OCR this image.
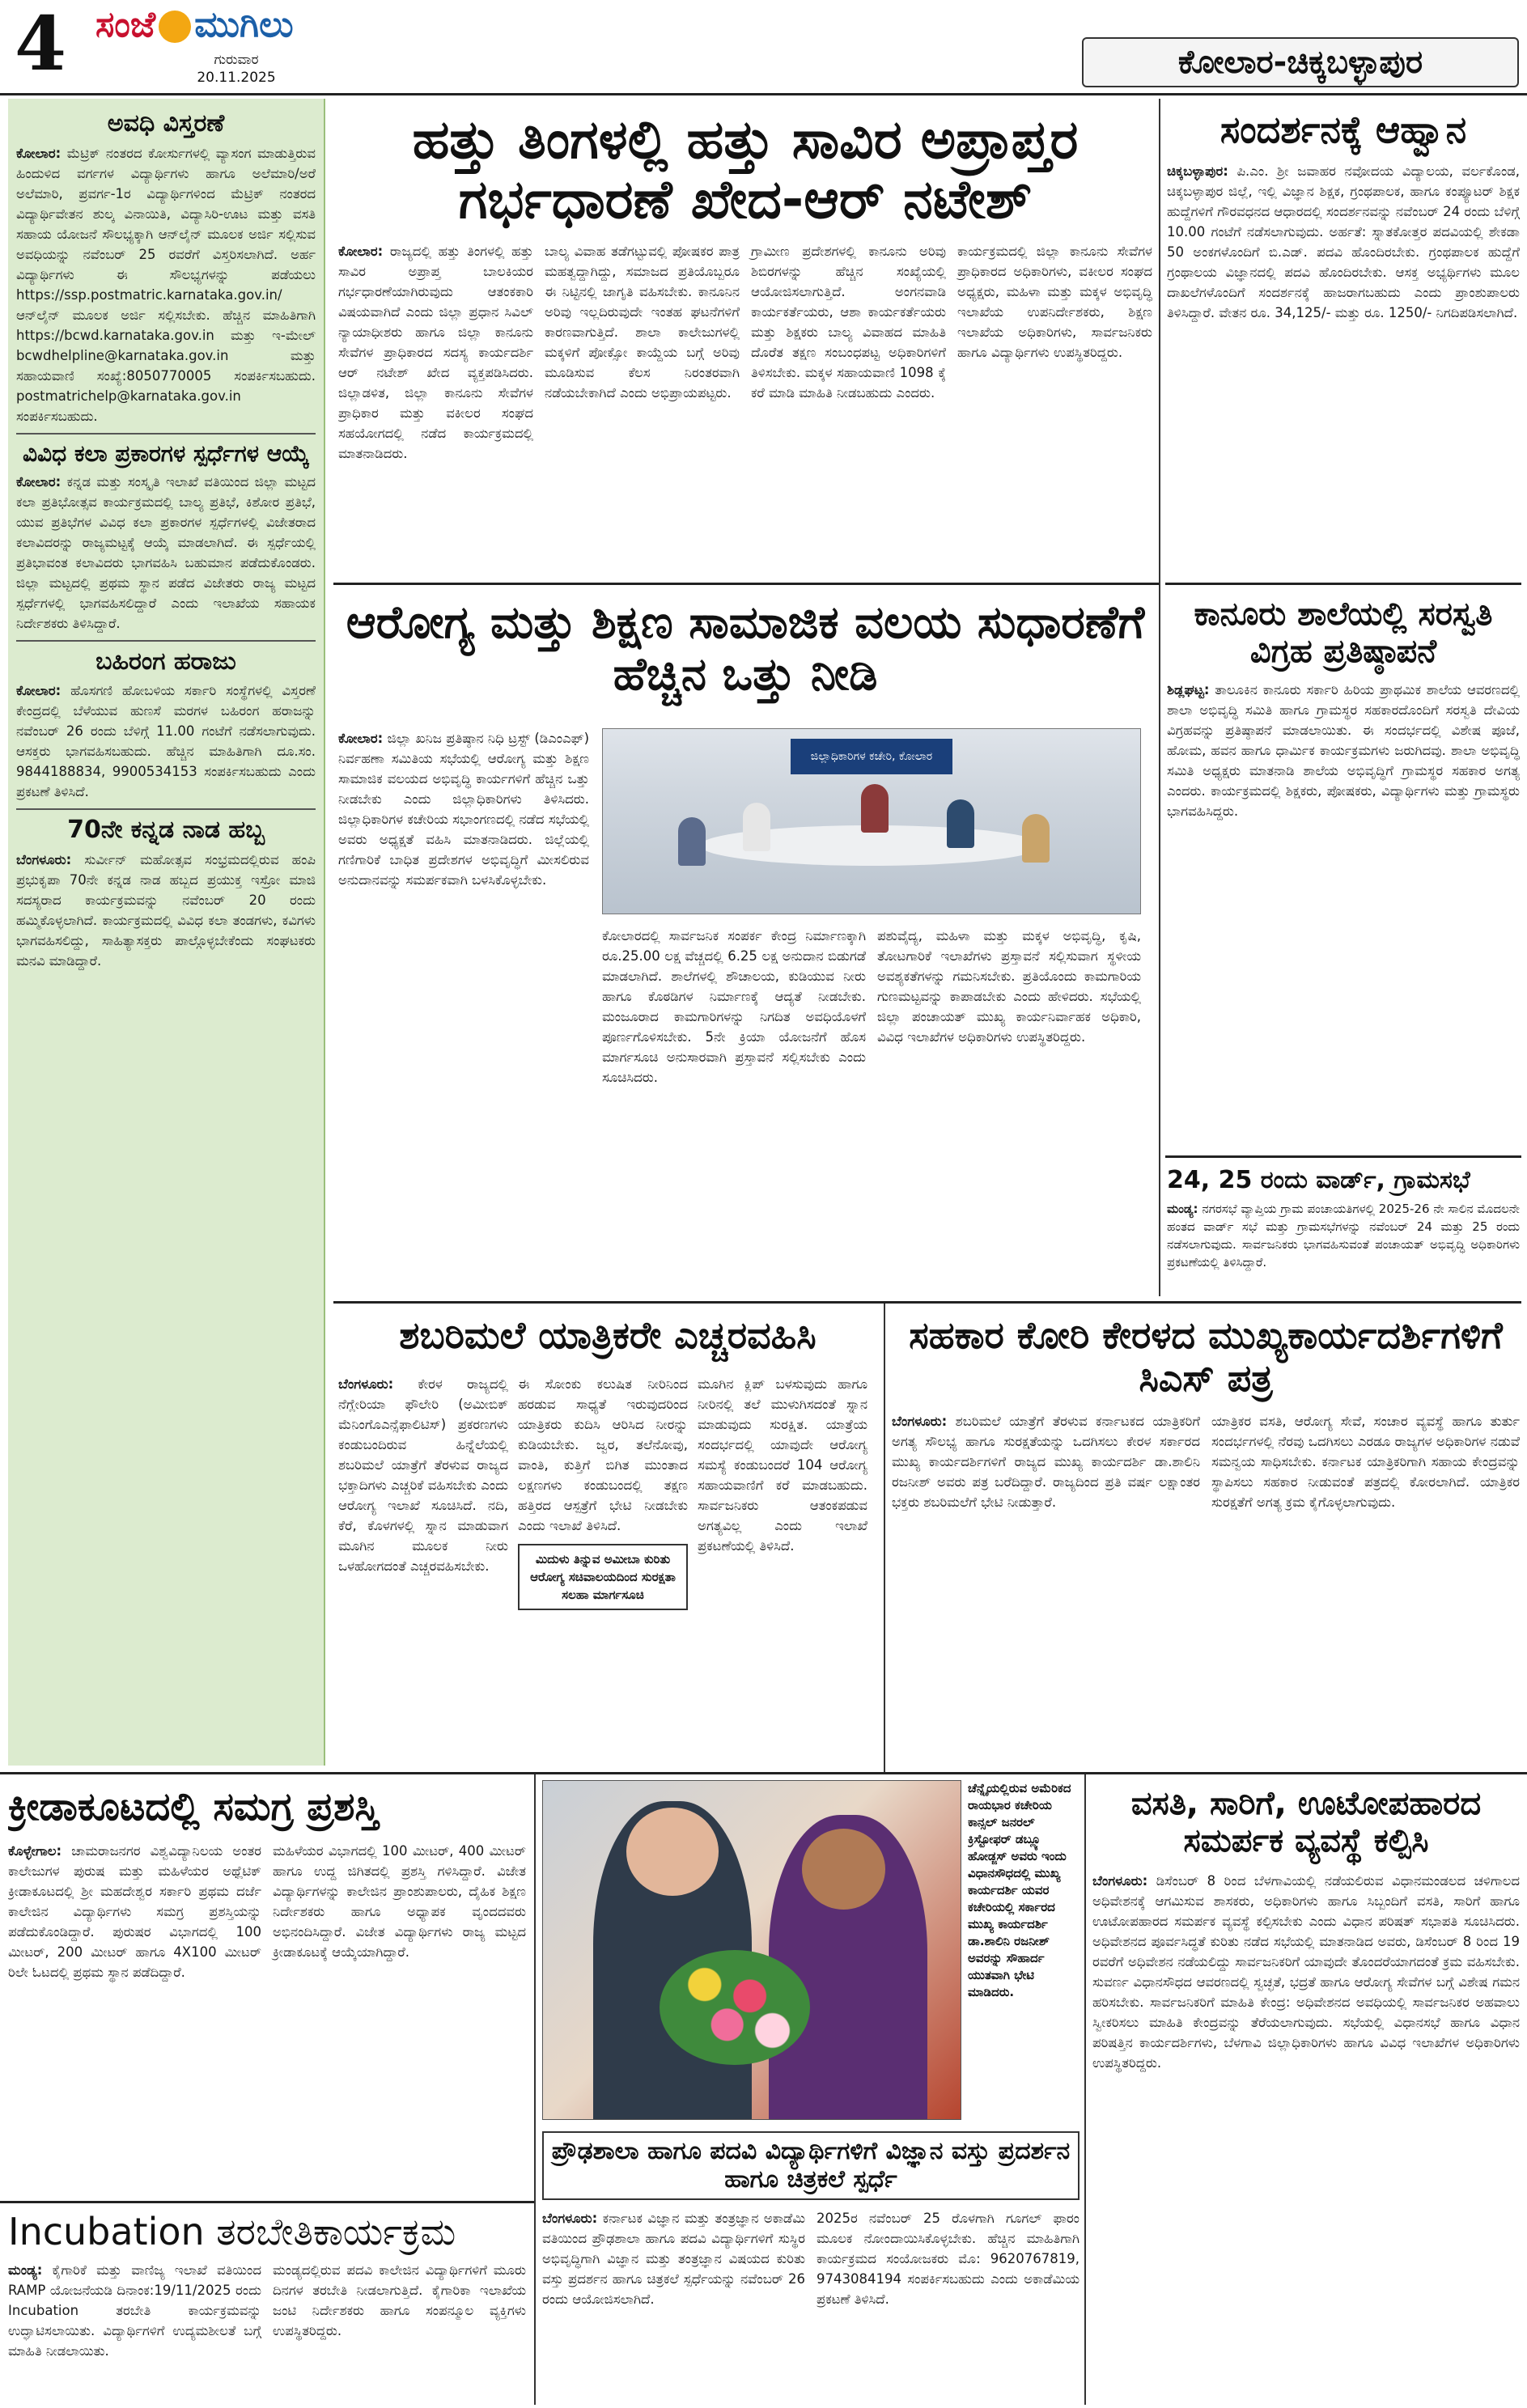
4 ಸಂಜೆ ಮುಗಿಲು
ಗುರುವಾರ
20.11.2025	ಕೋಲಾರ-ಚಿಕ್ಕಬಳ್ಳಾಪುರ
ಅವಧಿ ವಿಸ್ತರಣೆ
ಕೋಲಾರ: ಮೆಟ್ರಿಕ್ ನಂತರದ ಕೋರ್ಸುಗಳಲ್ಲಿ ವ್ಯಾಸಂಗ ಮಾಡುತ್ತಿರುವ ಹಿಂದುಳಿದ ವರ್ಗಗಳ ವಿದ್ಯಾರ್ಥಿಗಳು ಹಾಗೂ ಅಲೆಮಾರಿ/ಅರೆ ಅಲೆಮಾರಿ, ಪ್ರವರ್ಗ-1ರ ವಿದ್ಯಾರ್ಥಿಗಳಿಂದ ಮೆಟ್ರಿಕ್ ನಂತರದ ವಿದ್ಯಾರ್ಥಿವೇತನ ಶುಲ್ಕ ವಿನಾಯಿತಿ, ವಿದ್ಯಾಸಿರಿ-ಊಟ ಮತ್ತು ವಸತಿ ಸಹಾಯ ಯೋಜನೆ ಸೌಲಭ್ಯಕ್ಕಾಗಿ ಆನ್‌ಲೈನ್ ಮೂಲಕ ಅರ್ಜಿ ಸಲ್ಲಿಸುವ ಅವಧಿಯನ್ನು ನವೆಂಬರ್ 25 ರವರೆಗೆ ವಿಸ್ತರಿಸಲಾಗಿದೆ. ಅರ್ಹ ವಿದ್ಯಾರ್ಥಿಗಳು ಈ ಸೌಲಭ್ಯಗಳನ್ನು ಪಡೆಯಲು https://ssp.postmatric.karnataka.gov.in/ ಆನ್‌ಲೈನ್ ಮೂಲಕ ಅರ್ಜಿ ಸಲ್ಲಿಸಬೇಕು. ಹೆಚ್ಚಿನ ಮಾಹಿತಿಗಾಗಿ https://bcwd.karnataka.gov.in ಮತ್ತು ಇ-ಮೇಲ್ bcwdhelpline@karnataka.gov.in ಮತ್ತು ಸಹಾಯವಾಣಿ ಸಂಖ್ಯೆ:8050770005 ಸಂಪರ್ಕಿಸಬಹುದು. postmatrichelp@karnataka.gov.in ಸಂಪರ್ಕಿಸಬಹುದು.
ವಿವಿಧ ಕಲಾ ಪ್ರಕಾರಗಳ ಸ್ಪರ್ಧೆಗಳ ಆಯ್ಕೆ
ಕೋಲಾರ: ಕನ್ನಡ ಮತ್ತು ಸಂಸ್ಕೃತಿ ಇಲಾಖೆ ವತಿಯಿಂದ ಜಿಲ್ಲಾ ಮಟ್ಟದ ಕಲಾ ಪ್ರತಿಭೋತ್ಸವ ಕಾರ್ಯಕ್ರಮದಲ್ಲಿ ಬಾಲ್ಯ ಪ್ರತಿಭೆ, ಕಿಶೋರ ಪ್ರತಿಭೆ, ಯುವ ಪ್ರತಿಭೆಗಳ ವಿವಿಧ ಕಲಾ ಪ್ರಕಾರಗಳ ಸ್ಪರ್ಧೆಗಳಲ್ಲಿ ವಿಜೇತರಾದ ಕಲಾವಿದರನ್ನು ರಾಜ್ಯಮಟ್ಟಕ್ಕೆ ಆಯ್ಕೆ ಮಾಡಲಾಗಿದೆ. ಈ ಸ್ಪರ್ಧೆಯಲ್ಲಿ ಪ್ರತಿಭಾವಂತ ಕಲಾವಿದರು ಭಾಗವಹಿಸಿ ಬಹುಮಾನ ಪಡೆದುಕೊಂಡರು. ಜಿಲ್ಲಾ ಮಟ್ಟದಲ್ಲಿ ಪ್ರಥಮ ಸ್ಥಾನ ಪಡೆದ ವಿಜೇತರು ರಾಜ್ಯ ಮಟ್ಟದ ಸ್ಪರ್ಧೆಗಳಲ್ಲಿ ಭಾಗವಹಿಸಲಿದ್ದಾರೆ ಎಂದು ಇಲಾಖೆಯ ಸಹಾಯಕ ನಿರ್ದೇಶಕರು ತಿಳಿಸಿದ್ದಾರೆ.
ಬಹಿರಂಗ ಹರಾಜು
ಕೋಲಾರ: ಹೊಸಗಣಿ ಹೋಬಳಿಯ ಸರ್ಕಾರಿ ಸಂಸ್ಥೆಗಳಲ್ಲಿ ವಿಸ್ತರಣೆ ಕೇಂದ್ರದಲ್ಲಿ ಬೆಳೆಯುವ ಹುಣಸೆ ಮರಗಳ ಬಹಿರಂಗ ಹರಾಜನ್ನು ನವೆಂಬರ್ 26 ರಂದು ಬೆಳಿಗ್ಗೆ 11.00 ಗಂಟೆಗೆ ನಡೆಸಲಾಗುವುದು. ಆಸಕ್ತರು ಭಾಗವಹಿಸಬಹುದು. ಹೆಚ್ಚಿನ ಮಾಹಿತಿಗಾಗಿ ದೂ.ಸಂ. 9844188834, 9900534153 ಸಂಪರ್ಕಿಸಬಹುದು ಎಂದು ಪ್ರಕಟಣೆ ತಿಳಿಸಿದೆ.
70ನೇ ಕನ್ನಡ ನಾಡ ಹಬ್ಬ
ಬೆಂಗಳೂರು: ಸುರ್ವೀನ್ ಮಹೋತ್ಸವ ಸಂಭ್ರಮದಲ್ಲಿರುವ ಹಂಪಿ ಪ್ರಭುಕೃಪಾ 70ನೇ ಕನ್ನಡ ನಾಡ ಹಬ್ಬದ ಪ್ರಯುಕ್ತ ಇಸ್ರೋ ಮಾಜಿ ಸದಸ್ಯರಾದ ಕಾರ್ಯಕ್ರಮವನ್ನು ನವೆಂಬರ್ 20 ರಂದು ಹಮ್ಮಿಕೊಳ್ಳಲಾಗಿದೆ. ಕಾರ್ಯಕ್ರಮದಲ್ಲಿ ವಿವಿಧ ಕಲಾ ತಂಡಗಳು, ಕವಿಗಳು ಭಾಗವಹಿಸಲಿದ್ದು, ಸಾಹಿತ್ಯಾಸಕ್ತರು ಪಾಲ್ಗೊಳ್ಳಬೇಕೆಂದು ಸಂಘಟಕರು ಮನವಿ ಮಾಡಿದ್ದಾರೆ.
ಹತ್ತು ತಿಂಗಳಲ್ಲಿ ಹತ್ತು ಸಾವಿರ ಅಪ್ರಾಪ್ತರ ಗರ್ಭಧಾರಣೆ ಖೇದ-ಆರ್ ನಟೇಶ್
ಕೋಲಾರ: ರಾಜ್ಯದಲ್ಲಿ ಹತ್ತು ತಿಂಗಳಲ್ಲಿ ಹತ್ತು ಸಾವಿರ ಅಪ್ರಾಪ್ತ ಬಾಲಕಿಯರ ಗರ್ಭಧಾರಣೆಯಾಗಿರುವುದು ಆತಂಕಕಾರಿ ವಿಷಯವಾಗಿದೆ ಎಂದು ಜಿಲ್ಲಾ ಪ್ರಧಾನ ಸಿವಿಲ್ ನ್ಯಾಯಾಧೀಶರು ಹಾಗೂ ಜಿಲ್ಲಾ ಕಾನೂನು ಸೇವೆಗಳ ಪ್ರಾಧಿಕಾರದ ಸದಸ್ಯ ಕಾರ್ಯದರ್ಶಿ ಆರ್ ನಟೇಶ್ ಖೇದ ವ್ಯಕ್ತಪಡಿಸಿದರು. ಜಿಲ್ಲಾಡಳಿತ, ಜಿಲ್ಲಾ ಕಾನೂನು ಸೇವೆಗಳ ಪ್ರಾಧಿಕಾರ ಮತ್ತು ವಕೀಲರ ಸಂಘದ ಸಹಯೋಗದಲ್ಲಿ ನಡೆದ ಕಾರ್ಯಕ್ರಮದಲ್ಲಿ ಮಾತನಾಡಿದರು.
ಬಾಲ್ಯ ವಿವಾಹ ತಡೆಗಟ್ಟುವಲ್ಲಿ ಪೋಷಕರ ಪಾತ್ರ ಮಹತ್ವದ್ದಾಗಿದ್ದು, ಸಮಾಜದ ಪ್ರತಿಯೊಬ್ಬರೂ ಈ ನಿಟ್ಟಿನಲ್ಲಿ ಜಾಗೃತಿ ವಹಿಸಬೇಕು. ಕಾನೂನಿನ ಅರಿವು ಇಲ್ಲದಿರುವುದೇ ಇಂತಹ ಘಟನೆಗಳಿಗೆ ಕಾರಣವಾಗುತ್ತಿದೆ. ಶಾಲಾ ಕಾಲೇಜುಗಳಲ್ಲಿ ಮಕ್ಕಳಿಗೆ ಪೋಕ್ಸೋ ಕಾಯ್ದೆಯ ಬಗ್ಗೆ ಅರಿವು ಮೂಡಿಸುವ ಕೆಲಸ ನಿರಂತರವಾಗಿ ನಡೆಯಬೇಕಾಗಿದೆ ಎಂದು ಅಭಿಪ್ರಾಯಪಟ್ಟರು.
ಗ್ರಾಮೀಣ ಪ್ರದೇಶಗಳಲ್ಲಿ ಕಾನೂನು ಅರಿವು ಶಿಬಿರಗಳನ್ನು ಹೆಚ್ಚಿನ ಸಂಖ್ಯೆಯಲ್ಲಿ ಆಯೋಜಿಸಲಾಗುತ್ತಿದೆ. ಅಂಗನವಾಡಿ ಕಾರ್ಯಕರ್ತೆಯರು, ಆಶಾ ಕಾರ್ಯಕರ್ತೆಯರು ಮತ್ತು ಶಿಕ್ಷಕರು ಬಾಲ್ಯ ವಿವಾಹದ ಮಾಹಿತಿ ದೊರೆತ ತಕ್ಷಣ ಸಂಬಂಧಪಟ್ಟ ಅಧಿಕಾರಿಗಳಿಗೆ ತಿಳಿಸಬೇಕು. ಮಕ್ಕಳ ಸಹಾಯವಾಣಿ 1098 ಕ್ಕೆ ಕರೆ ಮಾಡಿ ಮಾಹಿತಿ ನೀಡಬಹುದು ಎಂದರು.
ಕಾರ್ಯಕ್ರಮದಲ್ಲಿ ಜಿಲ್ಲಾ ಕಾನೂನು ಸೇವೆಗಳ ಪ್ರಾಧಿಕಾರದ ಅಧಿಕಾರಿಗಳು, ವಕೀಲರ ಸಂಘದ ಅಧ್ಯಕ್ಷರು, ಮಹಿಳಾ ಮತ್ತು ಮಕ್ಕಳ ಅಭಿವೃದ್ಧಿ ಇಲಾಖೆಯ ಉಪನಿರ್ದೇಶಕರು, ಶಿಕ್ಷಣ ಇಲಾಖೆಯ ಅಧಿಕಾರಿಗಳು, ಸಾರ್ವಜನಿಕರು ಹಾಗೂ ವಿದ್ಯಾರ್ಥಿಗಳು ಉಪಸ್ಥಿತರಿದ್ದರು.
ಸಂದರ್ಶನಕ್ಕೆ ಆಹ್ವಾನ
ಚಿಕ್ಕಬಳ್ಳಾಪುರ: ಪಿ.ಎಂ. ಶ್ರೀ ಜವಾಹರ ನವೋದಯ ವಿದ್ಯಾಲಯ, ವರ್ಲಕೊಂಡ, ಚಿಕ್ಕಬಳ್ಳಾಪುರ ಜಿಲ್ಲೆ, ಇಲ್ಲಿ ವಿಜ್ಞಾನ ಶಿಕ್ಷಕ, ಗ್ರಂಥಪಾಲಕ, ಹಾಗೂ ಕಂಪ್ಯೂಟರ್ ಶಿಕ್ಷಕ ಹುದ್ದೆಗಳಿಗೆ ಗೌರವಧನದ ಆಧಾರದಲ್ಲಿ ಸಂದರ್ಶನವನ್ನು ನವೆಂಬರ್ 24 ರಂದು ಬೆಳಿಗ್ಗೆ 10.00 ಗಂಟೆಗೆ ನಡೆಸಲಾಗುವುದು. ಅರ್ಹತೆ: ಸ್ನಾತಕೋತ್ತರ ಪದವಿಯಲ್ಲಿ ಶೇಕಡಾ 50 ಅಂಕಗಳೊಂದಿಗೆ ಬಿ.ಎಡ್. ಪದವಿ ಹೊಂದಿರಬೇಕು. ಗ್ರಂಥಪಾಲಕ ಹುದ್ದೆಗೆ ಗ್ರಂಥಾಲಯ ವಿಜ್ಞಾನದಲ್ಲಿ ಪದವಿ ಹೊಂದಿರಬೇಕು. ಆಸಕ್ತ ಅಭ್ಯರ್ಥಿಗಳು ಮೂಲ ದಾಖಲೆಗಳೊಂದಿಗೆ ಸಂದರ್ಶನಕ್ಕೆ ಹಾಜರಾಗಬಹುದು ಎಂದು ಪ್ರಾಂಶುಪಾಲರು ತಿಳಿಸಿದ್ದಾರೆ. ವೇತನ ರೂ. 34,125/- ಮತ್ತು ರೂ. 1250/- ನಿಗದಿಪಡಿಸಲಾಗಿದೆ.
ಆರೋಗ್ಯ ಮತ್ತು ಶಿಕ್ಷಣ ಸಾಮಾಜಿಕ ವಲಯ ಸುಧಾರಣೆಗೆ ಹೆಚ್ಚಿನ ಒತ್ತು ನೀಡಿ
ಕೋಲಾರ: ಜಿಲ್ಲಾ ಖನಿಜ ಪ್ರತಿಷ್ಠಾನ ನಿಧಿ ಟ್ರಸ್ಟ್ (ಡಿಎಂಎಫ್) ನಿರ್ವಹಣಾ ಸಮಿತಿಯ ಸಭೆಯಲ್ಲಿ ಆರೋಗ್ಯ ಮತ್ತು ಶಿಕ್ಷಣ ಸಾಮಾಜಿಕ ವಲಯದ ಅಭಿವೃದ್ಧಿ ಕಾರ್ಯಗಳಿಗೆ ಹೆಚ್ಚಿನ ಒತ್ತು ನೀಡಬೇಕು ಎಂದು ಜಿಲ್ಲಾಧಿಕಾರಿಗಳು ತಿಳಿಸಿದರು. ಜಿಲ್ಲಾಧಿಕಾರಿಗಳ ಕಚೇರಿಯ ಸಭಾಂಗಣದಲ್ಲಿ ನಡೆದ ಸಭೆಯಲ್ಲಿ ಅವರು ಅಧ್ಯಕ್ಷತೆ ವಹಿಸಿ ಮಾತನಾಡಿದರು. ಜಿಲ್ಲೆಯಲ್ಲಿ ಗಣಿಗಾರಿಕೆ ಬಾಧಿತ ಪ್ರದೇಶಗಳ ಅಭಿವೃದ್ಧಿಗೆ ಮೀಸಲಿರುವ ಅನುದಾನವನ್ನು ಸಮರ್ಪಕವಾಗಿ ಬಳಸಿಕೊಳ್ಳಬೇಕು.
ಜಿಲ್ಲಾಧಿಕಾರಿಗಳ ಕಚೇರಿ, ಕೋಲಾರ
ಕೋಲಾರದಲ್ಲಿ ಸಾರ್ವಜನಿಕ ಸಂಪರ್ಕ ಕೇಂದ್ರ ನಿರ್ಮಾಣಕ್ಕಾಗಿ ರೂ.25.00 ಲಕ್ಷ ವೆಚ್ಚದಲ್ಲಿ 6.25 ಲಕ್ಷ ಅನುದಾನ ಬಿಡುಗಡೆ ಮಾಡಲಾಗಿದೆ. ಶಾಲೆಗಳಲ್ಲಿ ಶೌಚಾಲಯ, ಕುಡಿಯುವ ನೀರು ಹಾಗೂ ಕೊಠಡಿಗಳ ನಿರ್ಮಾಣಕ್ಕೆ ಆದ್ಯತೆ ನೀಡಬೇಕು. ಮಂಜೂರಾದ ಕಾಮಗಾರಿಗಳನ್ನು ನಿಗದಿತ ಅವಧಿಯೊಳಗೆ ಪೂರ್ಣಗೊಳಿಸಬೇಕು. 5ನೇ ಕ್ರಿಯಾ ಯೋಜನೆಗೆ ಹೊಸ ಮಾರ್ಗಸೂಚಿ ಅನುಸಾರವಾಗಿ ಪ್ರಸ್ತಾವನೆ ಸಲ್ಲಿಸಬೇಕು ಎಂದು ಸೂಚಿಸಿದರು.
ಪಶುವೈದ್ಯ, ಮಹಿಳಾ ಮತ್ತು ಮಕ್ಕಳ ಅಭಿವೃದ್ಧಿ, ಕೃಷಿ, ತೋಟಗಾರಿಕೆ ಇಲಾಖೆಗಳು ಪ್ರಸ್ತಾವನೆ ಸಲ್ಲಿಸುವಾಗ ಸ್ಥಳೀಯ ಅವಶ್ಯಕತೆಗಳನ್ನು ಗಮನಿಸಬೇಕು. ಪ್ರತಿಯೊಂದು ಕಾಮಗಾರಿಯ ಗುಣಮಟ್ಟವನ್ನು ಕಾಪಾಡಬೇಕು ಎಂದು ಹೇಳಿದರು. ಸಭೆಯಲ್ಲಿ ಜಿಲ್ಲಾ ಪಂಚಾಯತ್ ಮುಖ್ಯ ಕಾರ್ಯನಿರ್ವಾಹಕ ಅಧಿಕಾರಿ, ವಿವಿಧ ಇಲಾಖೆಗಳ ಅಧಿಕಾರಿಗಳು ಉಪಸ್ಥಿತರಿದ್ದರು.
ಕಾನೂರು ಶಾಲೆಯಲ್ಲಿ ಸರಸ್ವತಿ ವಿಗ್ರಹ ಪ್ರತಿಷ್ಠಾಪನೆ
ಶಿಡ್ಲಘಟ್ಟ: ತಾಲೂಕಿನ ಕಾನೂರು ಸರ್ಕಾರಿ ಹಿರಿಯ ಪ್ರಾಥಮಿಕ ಶಾಲೆಯ ಆವರಣದಲ್ಲಿ ಶಾಲಾ ಅಭಿವೃದ್ಧಿ ಸಮಿತಿ ಹಾಗೂ ಗ್ರಾಮಸ್ಥರ ಸಹಕಾರದೊಂದಿಗೆ ಸರಸ್ವತಿ ದೇವಿಯ ವಿಗ್ರಹವನ್ನು ಪ್ರತಿಷ್ಠಾಪನೆ ಮಾಡಲಾಯಿತು. ಈ ಸಂದರ್ಭದಲ್ಲಿ ವಿಶೇಷ ಪೂಜೆ, ಹೋಮ, ಹವನ ಹಾಗೂ ಧಾರ್ಮಿಕ ಕಾರ್ಯಕ್ರಮಗಳು ಜರುಗಿದವು. ಶಾಲಾ ಅಭಿವೃದ್ಧಿ ಸಮಿತಿ ಅಧ್ಯಕ್ಷರು ಮಾತನಾಡಿ ಶಾಲೆಯ ಅಭಿವೃದ್ಧಿಗೆ ಗ್ರಾಮಸ್ಥರ ಸಹಕಾರ ಅಗತ್ಯ ಎಂದರು. ಕಾರ್ಯಕ್ರಮದಲ್ಲಿ ಶಿಕ್ಷಕರು, ಪೋಷಕರು, ವಿದ್ಯಾರ್ಥಿಗಳು ಮತ್ತು ಗ್ರಾಮಸ್ಥರು ಭಾಗವಹಿಸಿದ್ದರು.
24, 25 ರಂದು ವಾರ್ಡ್, ಗ್ರಾಮಸಭೆ
ಮಂಡ್ಯ: ನಗರಸಭೆ ವ್ಯಾಪ್ತಿಯ ಗ್ರಾಮ ಪಂಚಾಯತಿಗಳಲ್ಲಿ 2025-26 ನೇ ಸಾಲಿನ ಮೊದಲನೇ ಹಂತದ ವಾರ್ಡ್ ಸಭೆ ಮತ್ತು ಗ್ರಾಮಸಭೆಗಳನ್ನು ನವೆಂಬರ್ 24 ಮತ್ತು 25 ರಂದು ನಡೆಸಲಾಗುವುದು. ಸಾರ್ವಜನಿಕರು ಭಾಗವಹಿಸುವಂತೆ ಪಂಚಾಯತ್ ಅಭಿವೃದ್ಧಿ ಅಧಿಕಾರಿಗಳು ಪ್ರಕಟಣೆಯಲ್ಲಿ ತಿಳಿಸಿದ್ದಾರೆ.
ಶಬರಿಮಲೆ ಯಾತ್ರಿಕರೇ ಎಚ್ಚರವಹಿಸಿ
ಬೆಂಗಳೂರು: ಕೇರಳ ರಾಜ್ಯದಲ್ಲಿ ನೆಗ್ಲೇರಿಯಾ ಫೌಲೇರಿ (ಅಮೀಬಿಕ್ ಮೆನಿಂಗೊಎನ್ಸೆಫಾಲಿಟಿಸ್) ಪ್ರಕರಣಗಳು ಕಂಡುಬಂದಿರುವ ಹಿನ್ನೆಲೆಯಲ್ಲಿ ಶಬರಿಮಲೆ ಯಾತ್ರೆಗೆ ತೆರಳುವ ರಾಜ್ಯದ ಭಕ್ತಾದಿಗಳು ಎಚ್ಚರಿಕೆ ವಹಿಸಬೇಕು ಎಂದು ಆರೋಗ್ಯ ಇಲಾಖೆ ಸೂಚಿಸಿದೆ. ನದಿ, ಕೆರೆ, ಕೊಳಗಳಲ್ಲಿ ಸ್ನಾನ ಮಾಡುವಾಗ ಮೂಗಿನ ಮೂಲಕ ನೀರು ಒಳಹೋಗದಂತೆ ಎಚ್ಚರವಹಿಸಬೇಕು.
ಈ ಸೋಂಕು ಕಲುಷಿತ ನೀರಿನಿಂದ ಹರಡುವ ಸಾಧ್ಯತೆ ಇರುವುದರಿಂದ ಯಾತ್ರಿಕರು ಕುದಿಸಿ ಆರಿಸಿದ ನೀರನ್ನು ಕುಡಿಯಬೇಕು. ಜ್ವರ, ತಲೆನೋವು, ವಾಂತಿ, ಕುತ್ತಿಗೆ ಬಿಗಿತ ಮುಂತಾದ ಲಕ್ಷಣಗಳು ಕಂಡುಬಂದಲ್ಲಿ ತಕ್ಷಣ ಹತ್ತಿರದ ಆಸ್ಪತ್ರೆಗೆ ಭೇಟಿ ನೀಡಬೇಕು ಎಂದು ಇಲಾಖೆ ತಿಳಿಸಿದೆ.
ಮಿದುಳು ತಿನ್ನುವ ಅಮೀಬಾ ಕುರಿತು ಆರೋಗ್ಯ ಸಚಿವಾಲಯದಿಂದ ಸುರಕ್ಷತಾ ಸಲಹಾ ಮಾರ್ಗಸೂಚಿ
ಮೂಗಿನ ಕ್ಲಿಪ್ ಬಳಸುವುದು ಹಾಗೂ ನೀರಿನಲ್ಲಿ ತಲೆ ಮುಳುಗಿಸದಂತೆ ಸ್ನಾನ ಮಾಡುವುದು ಸುರಕ್ಷಿತ. ಯಾತ್ರೆಯ ಸಂದರ್ಭದಲ್ಲಿ ಯಾವುದೇ ಆರೋಗ್ಯ ಸಮಸ್ಯೆ ಕಂಡುಬಂದರೆ 104 ಆರೋಗ್ಯ ಸಹಾಯವಾಣಿಗೆ ಕರೆ ಮಾಡಬಹುದು. ಸಾರ್ವಜನಿಕರು ಆತಂಕಪಡುವ ಅಗತ್ಯವಿಲ್ಲ ಎಂದು ಇಲಾಖೆ ಪ್ರಕಟಣೆಯಲ್ಲಿ ತಿಳಿಸಿದೆ.
ಸಹಕಾರ ಕೋರಿ ಕೇರಳದ ಮುಖ್ಯಕಾರ್ಯದರ್ಶಿಗಳಿಗೆ ಸಿಎಸ್ ಪತ್ರ
ಬೆಂಗಳೂರು: ಶಬರಿಮಲೆ ಯಾತ್ರೆಗೆ ತೆರಳುವ ಕರ್ನಾಟಕದ ಯಾತ್ರಿಕರಿಗೆ ಅಗತ್ಯ ಸೌಲಭ್ಯ ಹಾಗೂ ಸುರಕ್ಷತೆಯನ್ನು ಒದಗಿಸಲು ಕೇರಳ ಸರ್ಕಾರದ ಮುಖ್ಯ ಕಾರ್ಯದರ್ಶಿಗಳಿಗೆ ರಾಜ್ಯದ ಮುಖ್ಯ ಕಾರ್ಯದರ್ಶಿ ಡಾ.ಶಾಲಿನಿ ರಜನೀಶ್ ಅವರು ಪತ್ರ ಬರೆದಿದ್ದಾರೆ. ರಾಜ್ಯದಿಂದ ಪ್ರತಿ ವರ್ಷ ಲಕ್ಷಾಂತರ ಭಕ್ತರು ಶಬರಿಮಲೆಗೆ ಭೇಟಿ ನೀಡುತ್ತಾರೆ.
ಯಾತ್ರಿಕರ ವಸತಿ, ಆರೋಗ್ಯ ಸೇವೆ, ಸಂಚಾರ ವ್ಯವಸ್ಥೆ ಹಾಗೂ ತುರ್ತು ಸಂದರ್ಭಗಳಲ್ಲಿ ನೆರವು ಒದಗಿಸಲು ಎರಡೂ ರಾಜ್ಯಗಳ ಅಧಿಕಾರಿಗಳ ನಡುವೆ ಸಮನ್ವಯ ಸಾಧಿಸಬೇಕು. ಕರ್ನಾಟಕ ಯಾತ್ರಿಕರಿಗಾಗಿ ಸಹಾಯ ಕೇಂದ್ರವನ್ನು ಸ್ಥಾಪಿಸಲು ಸಹಕಾರ ನೀಡುವಂತೆ ಪತ್ರದಲ್ಲಿ ಕೋರಲಾಗಿದೆ. ಯಾತ್ರಿಕರ ಸುರಕ್ಷತೆಗೆ ಅಗತ್ಯ ಕ್ರಮ ಕೈಗೊಳ್ಳಲಾಗುವುದು.
ಕ್ರೀಡಾಕೂಟದಲ್ಲಿ ಸಮಗ್ರ ಪ್ರಶಸ್ತಿ
ಕೊಳ್ಳೇಗಾಲ: ಚಾಮರಾಜನಗರ ವಿಶ್ವವಿದ್ಯಾನಿಲಯ ಅಂತರ ಕಾಲೇಜುಗಳ ಪುರುಷ ಮತ್ತು ಮಹಿಳೆಯರ ಅಥ್ಲೆಟಿಕ್ ಕ್ರೀಡಾಕೂಟದಲ್ಲಿ ಶ್ರೀ ಮಹದೇಶ್ವರ ಸರ್ಕಾರಿ ಪ್ರಥಮ ದರ್ಜೆ ಕಾಲೇಜಿನ ವಿದ್ಯಾರ್ಥಿಗಳು ಸಮಗ್ರ ಪ್ರಶಸ್ತಿಯನ್ನು ಪಡೆದುಕೊಂಡಿದ್ದಾರೆ. ಪುರುಷರ ವಿಭಾಗದಲ್ಲಿ 100 ಮೀಟರ್, 200 ಮೀಟರ್ ಹಾಗೂ 4X100 ಮೀಟರ್ ರಿಲೇ ಓಟದಲ್ಲಿ ಪ್ರಥಮ ಸ್ಥಾನ ಪಡೆದಿದ್ದಾರೆ.
ಮಹಿಳೆಯರ ವಿಭಾಗದಲ್ಲಿ 100 ಮೀಟರ್, 400 ಮೀಟರ್ ಹಾಗೂ ಉದ್ದ ಜಿಗಿತದಲ್ಲಿ ಪ್ರಶಸ್ತಿ ಗಳಿಸಿದ್ದಾರೆ. ವಿಜೇತ ವಿದ್ಯಾರ್ಥಿಗಳನ್ನು ಕಾಲೇಜಿನ ಪ್ರಾಂಶುಪಾಲರು, ದೈಹಿಕ ಶಿಕ್ಷಣ ನಿರ್ದೇಶಕರು ಹಾಗೂ ಅಧ್ಯಾಪಕ ವೃಂದದವರು ಅಭಿನಂದಿಸಿದ್ದಾರೆ. ವಿಜೇತ ವಿದ್ಯಾರ್ಥಿಗಳು ರಾಜ್ಯ ಮಟ್ಟದ ಕ್ರೀಡಾಕೂಟಕ್ಕೆ ಆಯ್ಕೆಯಾಗಿದ್ದಾರೆ.
Incubation ತರಬೇತಿಕಾರ್ಯಕ್ರಮ
ಮಂಡ್ಯ: ಕೈಗಾರಿಕೆ ಮತ್ತು ವಾಣಿಜ್ಯ ಇಲಾಖೆ ವತಿಯಿಂದ RAMP ಯೋಜನೆಯಡಿ ದಿನಾಂಕ:19/11/2025 ರಂದು Incubation ತರಬೇತಿ ಕಾರ್ಯಕ್ರಮವನ್ನು ಉದ್ಘಾಟಿಸಲಾಯಿತು. ವಿದ್ಯಾರ್ಥಿಗಳಿಗೆ ಉದ್ಯಮಶೀಲತೆ ಬಗ್ಗೆ ಮಾಹಿತಿ ನೀಡಲಾಯಿತು.
ಮಂಡ್ಯದಲ್ಲಿರುವ ಪದವಿ ಕಾಲೇಜಿನ ವಿದ್ಯಾರ್ಥಿಗಳಿಗೆ ಮೂರು ದಿನಗಳ ತರಬೇತಿ ನೀಡಲಾಗುತ್ತಿದೆ. ಕೈಗಾರಿಕಾ ಇಲಾಖೆಯ ಜಂಟಿ ನಿರ್ದೇಶಕರು ಹಾಗೂ ಸಂಪನ್ಮೂಲ ವ್ಯಕ್ತಿಗಳು ಉಪಸ್ಥಿತರಿದ್ದರು.
ಚೆನ್ನೈಯಲ್ಲಿರುವ ಅಮೆರಿಕದ ರಾಯಭಾರ ಕಚೇರಿಯ ಕಾನ್ಸಲ್ ಜನರಲ್ ಕ್ರಿಸ್ಟೋಫರ್ ಡಬ್ಲ್ಯೂ ಹೋಡ್ಜಸ್ ಅವರು ಇಂದು ವಿಧಾನಸೌಧದಲ್ಲಿ ಮುಖ್ಯ ಕಾರ್ಯದರ್ಶಿ ಯವರ ಕಚೇರಿಯಲ್ಲಿ ಸರ್ಕಾರದ ಮುಖ್ಯ ಕಾರ್ಯದರ್ಶಿ ಡಾ.ಶಾಲಿನಿ ರಜನೀಶ್ ಅವರನ್ನು ಸೌಹಾರ್ದ ಯುತವಾಗಿ ಭೇಟಿ ಮಾಡಿದರು.
ಪ್ರೌಢಶಾಲಾ ಹಾಗೂ ಪದವಿ ವಿದ್ಯಾರ್ಥಿಗಳಿಗೆ ವಿಜ್ಞಾನ ವಸ್ತು ಪ್ರದರ್ಶನ ಹಾಗೂ ಚಿತ್ರಕಲೆ ಸ್ಪರ್ಧೆ
ಬೆಂಗಳೂರು: ಕರ್ನಾಟಕ ವಿಜ್ಞಾನ ಮತ್ತು ತಂತ್ರಜ್ಞಾನ ಅಕಾಡೆಮಿ ವತಿಯಿಂದ ಪ್ರೌಢಶಾಲಾ ಹಾಗೂ ಪದವಿ ವಿದ್ಯಾರ್ಥಿಗಳಿಗೆ ಸುಸ್ಥಿರ ಅಭಿವೃದ್ಧಿಗಾಗಿ ವಿಜ್ಞಾನ ಮತ್ತು ತಂತ್ರಜ್ಞಾನ ವಿಷಯದ ಕುರಿತು ವಸ್ತು ಪ್ರದರ್ಶನ ಹಾಗೂ ಚಿತ್ರಕಲೆ ಸ್ಪರ್ಧೆಯನ್ನು ನವೆಂಬರ್ 26 ರಂದು ಆಯೋಜಿಸಲಾಗಿದೆ.
2025ರ ನವೆಂಬರ್ 25 ರೊಳಗಾಗಿ ಗೂಗಲ್ ಫಾರಂ ಮೂಲಕ ನೋಂದಾಯಿಸಿಕೊಳ್ಳಬೇಕು. ಹೆಚ್ಚಿನ ಮಾಹಿತಿಗಾಗಿ ಕಾರ್ಯಕ್ರಮದ ಸಂಯೋಜಕರು ಮೊ: 9620767819, 9743084194 ಸಂಪರ್ಕಿಸಬಹುದು ಎಂದು ಅಕಾಡೆಮಿಯ ಪ್ರಕಟಣೆ ತಿಳಿಸಿದೆ.
ವಸತಿ, ಸಾರಿಗೆ, ಊಟೋಪಹಾರದ ಸಮರ್ಪಕ ವ್ಯವಸ್ಥೆ ಕಲ್ಪಿಸಿ
ಬೆಂಗಳೂರು: ಡಿಸೆಂಬರ್ 8 ರಿಂದ ಬೆಳಗಾವಿಯಲ್ಲಿ ನಡೆಯಲಿರುವ ವಿಧಾನಮಂಡಲದ ಚಳಿಗಾಲದ ಅಧಿವೇಶನಕ್ಕೆ ಆಗಮಿಸುವ ಶಾಸಕರು, ಅಧಿಕಾರಿಗಳು ಹಾಗೂ ಸಿಬ್ಬಂದಿಗೆ ವಸತಿ, ಸಾರಿಗೆ ಹಾಗೂ ಊಟೋಪಹಾರದ ಸಮರ್ಪಕ ವ್ಯವಸ್ಥೆ ಕಲ್ಪಿಸಬೇಕು ಎಂದು ವಿಧಾನ ಪರಿಷತ್ ಸಭಾಪತಿ ಸೂಚಿಸಿದರು. ಅಧಿವೇಶನದ ಪೂರ್ವಸಿದ್ಧತೆ ಕುರಿತು ನಡೆದ ಸಭೆಯಲ್ಲಿ ಮಾತನಾಡಿದ ಅವರು, ಡಿಸೆಂಬರ್ 8 ರಿಂದ 19 ರವರೆಗೆ ಅಧಿವೇಶನ ನಡೆಯಲಿದ್ದು ಸಾರ್ವಜನಿಕರಿಗೆ ಯಾವುದೇ ತೊಂದರೆಯಾಗದಂತೆ ಕ್ರಮ ವಹಿಸಬೇಕು. ಸುವರ್ಣ ವಿಧಾನಸೌಧದ ಆವರಣದಲ್ಲಿ ಸ್ವಚ್ಛತೆ, ಭದ್ರತೆ ಹಾಗೂ ಆರೋಗ್ಯ ಸೇವೆಗಳ ಬಗ್ಗೆ ವಿಶೇಷ ಗಮನ ಹರಿಸಬೇಕು. ಸಾರ್ವಜನಿಕರಿಗೆ ಮಾಹಿತಿ ಕೇಂದ್ರ: ಅಧಿವೇಶನದ ಅವಧಿಯಲ್ಲಿ ಸಾರ್ವಜನಿಕರ ಅಹವಾಲು ಸ್ವೀಕರಿಸಲು ಮಾಹಿತಿ ಕೇಂದ್ರವನ್ನು ತೆರೆಯಲಾಗುವುದು. ಸಭೆಯಲ್ಲಿ ವಿಧಾನಸಭೆ ಹಾಗೂ ವಿಧಾನ ಪರಿಷತ್ತಿನ ಕಾರ್ಯದರ್ಶಿಗಳು, ಬೆಳಗಾವಿ ಜಿಲ್ಲಾಧಿಕಾರಿಗಳು ಹಾಗೂ ವಿವಿಧ ಇಲಾಖೆಗಳ ಅಧಿಕಾರಿಗಳು ಉಪಸ್ಥಿತರಿದ್ದರು.
